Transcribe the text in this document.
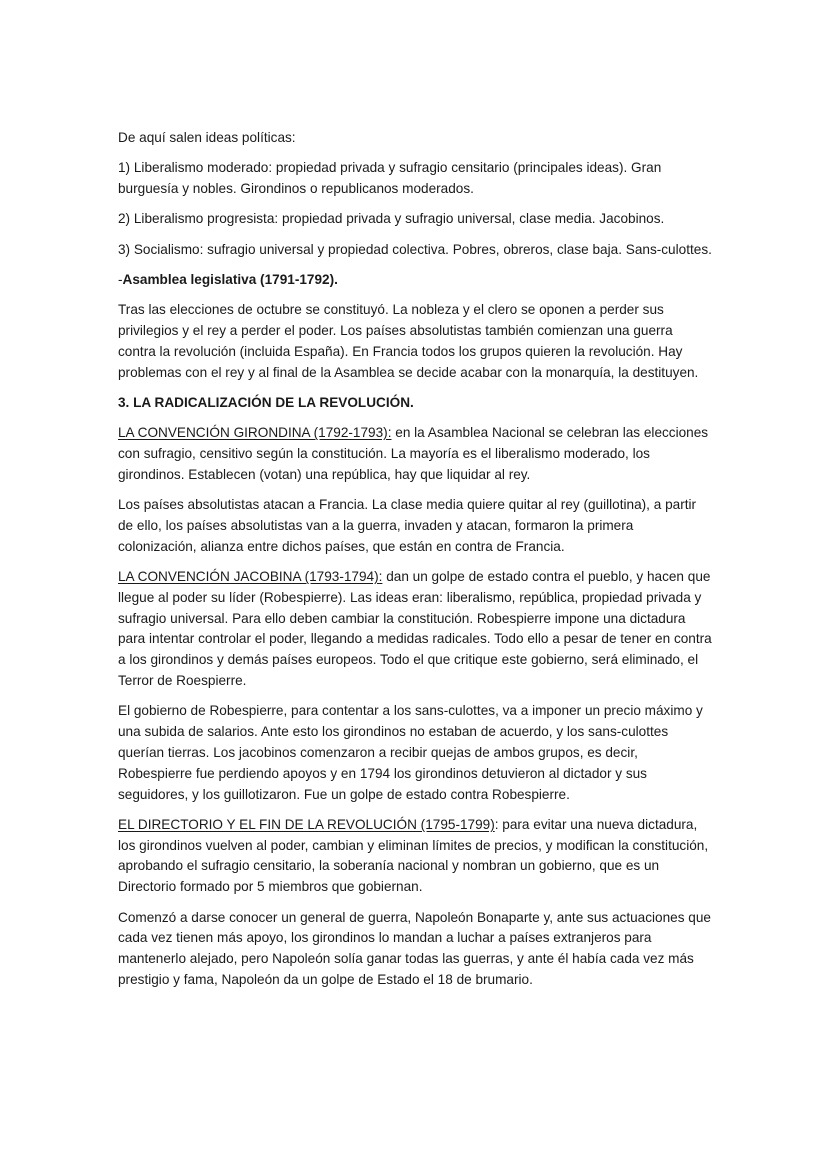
De aquí salen ideas políticas:

1) Liberalismo moderado: propiedad privada y sufragio censitario (principales ideas). Gran burguesía y nobles. Girondinos o republicanos moderados.

2) Liberalismo progresista: propiedad privada y sufragio universal, clase media. Jacobinos.

3) Socialismo: sufragio universal y propiedad colectiva. Pobres, obreros, clase baja. Sans-culottes.

-Asamblea legislativa (1791-1792).

Tras las elecciones de octubre se constituyó. La nobleza y el clero se oponen a perder sus privilegios y el rey a perder el poder. Los países absolutistas también comienzan una guerra contra la revolución (incluida España). En Francia todos los grupos quieren la revolución. Hay problemas con el rey y al final de la Asamblea se decide acabar con la monarquía, la destituyen.

3. LA RADICALIZACIÓN DE LA REVOLUCIÓN.

LA CONVENCIÓN GIRONDINA (1792-1793): en la Asamblea Nacional se celebran las elecciones con sufragio, censitivo según la constitución. La mayoría es el liberalismo moderado, los girondinos. Establecen (votan) una república, hay que liquidar al rey.

Los países absolutistas atacan a Francia. La clase media quiere quitar al rey (guillotina), a partir de ello, los países absolutistas van a la guerra, invaden y atacan, formaron la primera colonización, alianza entre dichos países, que están en contra de Francia.

LA CONVENCIÓN JACOBINA (1793-1794): dan un golpe de estado contra el pueblo, y hacen que llegue al poder su líder (Robespierre). Las ideas eran: liberalismo, república, propiedad privada y sufragio universal. Para ello deben cambiar la constitución. Robespierre impone una dictadura para intentar controlar el poder, llegando a medidas radicales. Todo ello a pesar de tener en contra a los girondinos y demás países europeos. Todo el que critique este gobierno, será eliminado, el Terror de Roespierre.

El gobierno de Robespierre, para contentar a los sans-culottes, va a imponer un precio máximo y una subida de salarios. Ante esto los girondinos no estaban de acuerdo, y los sans-culottes querían tierras. Los jacobinos comenzaron a recibir quejas de ambos grupos, es decir, Robespierre fue perdiendo apoyos y en 1794 los girondinos detuvieron al dictador y sus seguidores, y los guillotizaron. Fue un golpe de estado contra Robespierre.

EL DIRECTORIO Y EL FIN DE LA REVOLUCIÓN (1795-1799): para evitar una nueva dictadura, los girondinos vuelven al poder, cambian y eliminan límites de precios, y modifican la constitución, aprobando el sufragio censitario, la soberanía nacional y nombran un gobierno, que es un Directorio formado por 5 miembros que gobiernan.

Comenzó a darse conocer un general de guerra, Napoleón Bonaparte y, ante sus actuaciones que cada vez tienen más apoyo, los girondinos lo mandan a luchar a países extranjeros para mantenerlo alejado, pero Napoleón solía ganar todas las guerras, y ante él había cada vez más prestigio y fama, Napoleón da un golpe de Estado el 18 de brumario.
